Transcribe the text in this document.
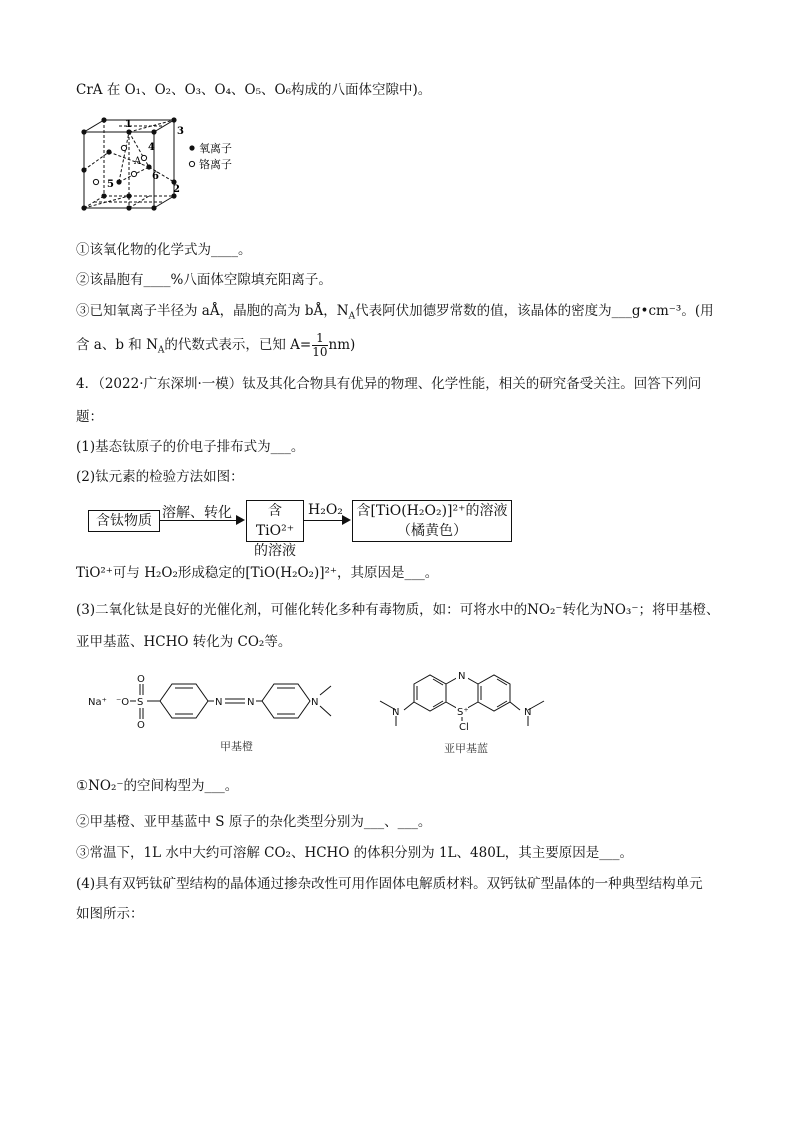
CrA 在 O₁、O₂、O₃、O₄、O₅、O₆构成的八面体空隙中)。
氧离子
铬离子
1
2
3
4
5
6
A
①该氧化物的化学式为____。
②该晶胞有____%八面体空隙填充阳离子。
③已知氧离子半径为 aÅ，晶胞的高为 bÅ，$N_A$代表阿伏加德罗常数的值，该晶体的密度为___g•cm⁻³。(用
含 a、b 和 $N_A$的代数式表示，已知 $A= \frac{1}{10} nm$)
4．（2022·广东深圳·一模）钛及其化合物具有优异的物理、化学性能，相关的研究备受关注。回答下列问
题：
(1)基态钛原子的价电子排布式为___。
(2)钛元素的检验方法如图：
含钛物质 溶解、转化	含 TiO²⁺
的溶液
H₂O₂ 含[TiO(H₂O₂)]²⁺的溶液
（橘黄色）
TiO²⁺可与 H₂O₂形成稳定的[TiO(H₂O₂)]²⁺，其原因是___。
(3)二氧化钛是良好的光催化剂，可催化转化多种有毒物质，如：可将水中的NO₂⁻转化为NO₃⁻；将甲基橙、
亚甲基蓝、HCHO 转化为 CO₂等。
Na⁺ ⁻O S
O
O
N N	N
甲基橙
N
S⁺
Cl
N	N
亚甲基蓝
①NO₂⁻的空间构型为___。
②甲基橙、亚甲基蓝中 S 原子的杂化类型分别为___、___。
③常温下，1L 水中大约可溶解 CO₂、HCHO 的体积分别为 1L、480L，其主要原因是___。
(4)具有双钙钛矿型结构的晶体通过掺杂改性可用作固体电解质材料。双钙钛矿型晶体的一种典型结构单元
如图所示：
